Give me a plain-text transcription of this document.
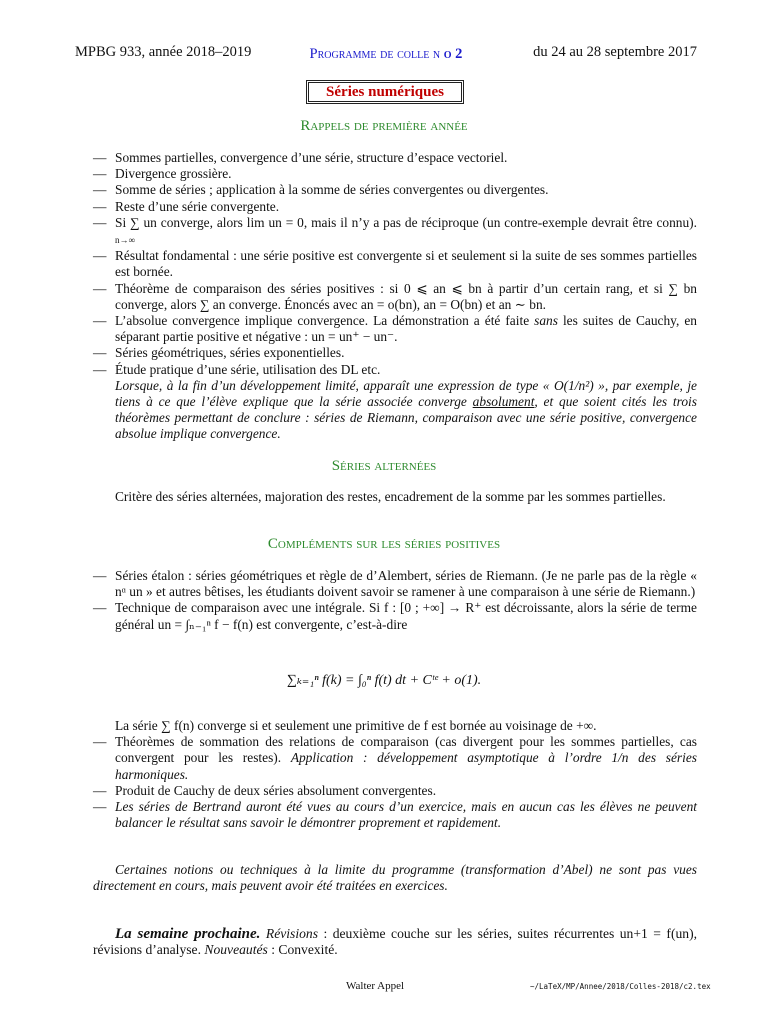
MPBG 933, année 2018–2019	Programme de colle n o 2	du 24 au 28 septembre 2017
Séries numériques
Rappels de première année
— Sommes partielles, convergence d’une série, structure d’espace vectoriel.
— Divergence grossière.
— Somme de séries ; application à la somme de séries convergentes ou divergentes.
— Reste d’une série convergente.
— Si ∑ un converge, alors lim un = 0, mais il n’y a pas de réciproque (un contre-exemple devrait être connu). n→∞
— Résultat fondamental : une série positive est convergente si et seulement si la suite de ses sommes partielles est bornée.
— Théorème de comparaison des séries positives : si 0 ⩽ an ⩽ bn à partir d’un certain rang, et si ∑ bn converge, alors ∑ an converge. Énoncés avec an = o(bn), an = O(bn) et an ∼ bn.
— L’absolue convergence implique convergence. La démonstration a été faite sans les suites de Cauchy, en séparant partie positive et négative : un = un⁺ − un⁻.
— Séries géométriques, séries exponentielles.
— Étude pratique d’une série, utilisation des DL etc.
Lorsque, à la fin d’un développement limité, apparaît une expression de type « O(1/n²) », par exemple, je tiens à ce que l’élève explique que la série associée converge absolument, et que soient cités les trois théorèmes permettant de conclure : séries de Riemann, comparaison avec une série positive, convergence absolue implique convergence.
Séries alternées
Critère des séries alternées, majoration des restes, encadrement de la somme par les sommes partielles.
Compléments sur les séries positives
— Séries étalon : séries géométriques et règle de d’Alembert, séries de Riemann. (Je ne parle pas de la règle « nᵅ un » et autres bêtises, les étudiants doivent savoir se ramener à une comparaison à une série de Riemann.)
— Technique de comparaison avec une intégrale. Si f : [0 ; +∞] → R⁺ est décroissante, alors la série de terme général un = ∫ₙ₋₁ⁿ f − f(n) est convergente, c’est-à-dire
∑ₖ₌₁ⁿ f(k) = ∫₀ⁿ f(t) dt + Cᵗᵉ + o(1).
La série ∑ f(n) converge si et seulement une primitive de f est bornée au voisinage de +∞.
— Théorèmes de sommation des relations de comparaison (cas divergent pour les sommes partielles, cas convergent pour les restes). Application : développement asymptotique à l’ordre 1/n des séries harmoniques.
— Produit de Cauchy de deux séries absolument convergentes.
— Les séries de Bertrand auront été vues au cours d’un exercice, mais en aucun cas les élèves ne peuvent balancer le résultat sans savoir le démontrer proprement et rapidement.
Certaines notions ou techniques à la limite du programme (transformation d’Abel) ne sont pas vues directement en cours, mais peuvent avoir été traitées en exercices.
La semaine prochaine. Révisions : deuxième couche sur les séries, suites récurrentes un+1 = f(un), révisions d’analyse. Nouveautés : Convexité.
Walter Appel	~/LaTeX/MP/Annee/2018/Colles-2018/c2.tex
